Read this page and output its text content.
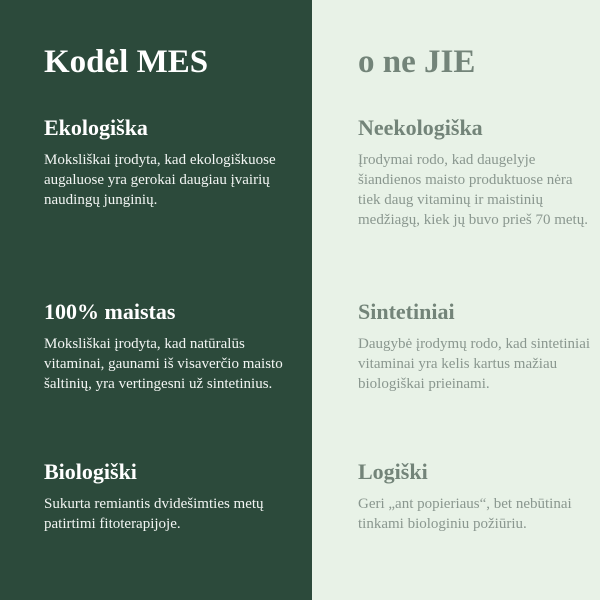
Kodėl MES
Ekologiška

Moksliškai įrodyta, kad ekologiškuose augaluose yra gerokai daugiau įvairių naudingų junginių.

100% maistas

Moksliškai įrodyta, kad natūralūs vitaminai, gaunami iš visaverčio maisto šaltinių, yra vertingesni už sintetinius.

Biologiški

Sukurta remiantis dvidešimties metų patirtimi fitoterapijoje.

o ne JIE
Neekologiška

Įrodymai rodo, kad daugelyje šiandienos maisto produktuose nėra tiek daug vitaminų ir maistinių medžiagų, kiek jų buvo prieš 70 metų.

Sintetiniai

Daugybė įrodymų rodo, kad sintetiniai vitaminai yra kelis kartus mažiau biologiškai prieinami.

Logiški

Geri „ant popieriaus“, bet nebūtinai tinkami biologiniu požiūriu.
